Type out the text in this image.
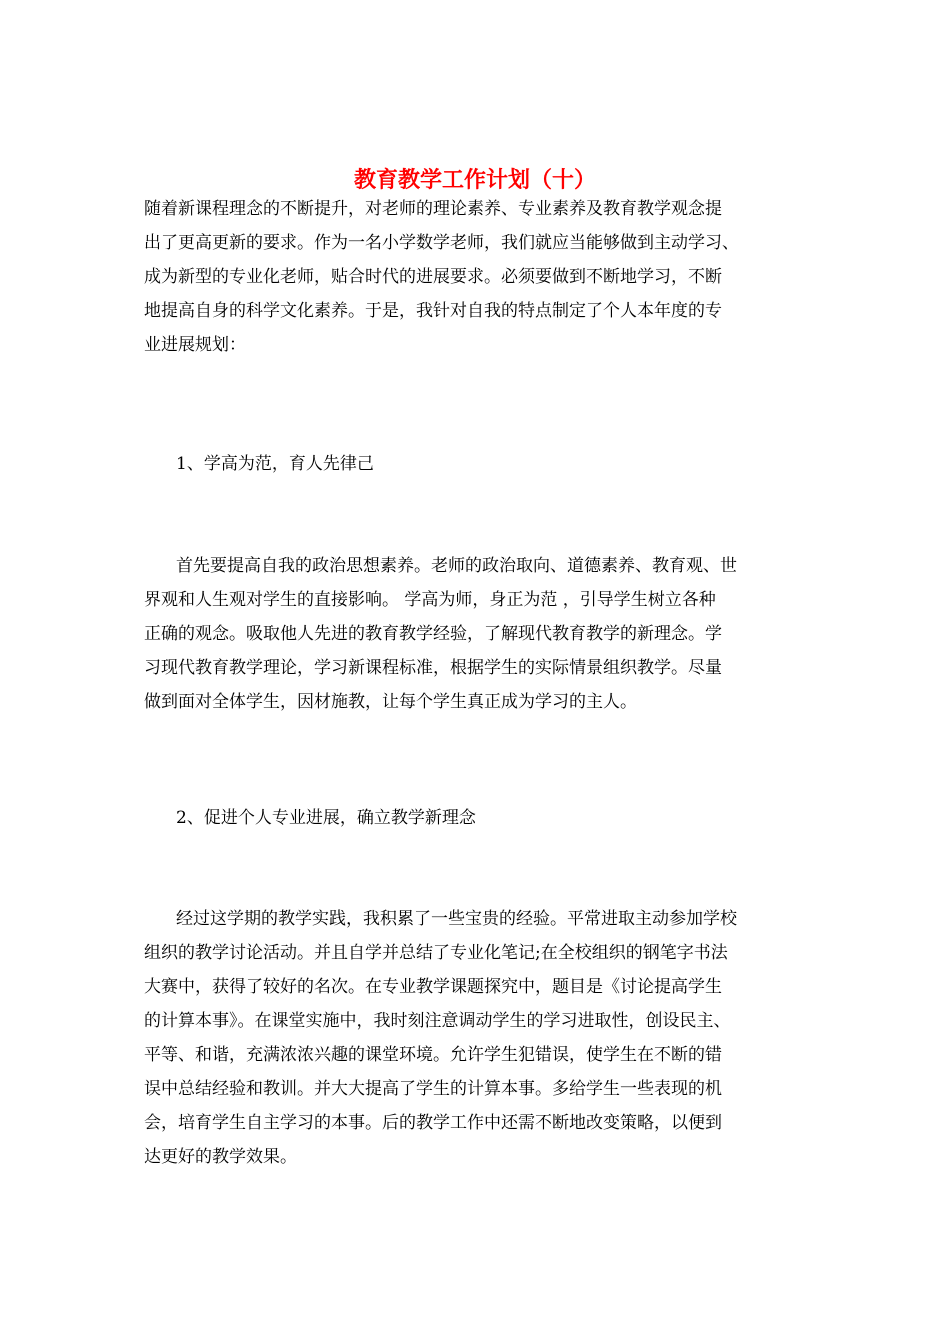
教育教学工作计划（十）

随着新课程理念的不断提升，对老师的理论素养、专业素养及教育教学观念提
出了更高更新的要求。作为一名小学数学老师，我们就应当能够做到主动学习、
成为新型的专业化老师，贴合时代的进展要求。必须要做到不断地学习，不断
地提高自身的科学文化素养。于是，我针对自我的特点制定了个人本年度的专
业进展规划：

1、学高为范，育人先律己

首先要提高自我的政治思想素养。老师的政治取向、道德素养、教育观、世
界观和人生观对学生的直接影响。 学高为师，身正为范 ，引导学生树立各种
正确的观念。吸取他人先进的教育教学经验，了解现代教育教学的新理念。学
习现代教育教学理论，学习新课程标准，根据学生的实际情景组织教学。尽量
做到面对全体学生，因材施教，让每个学生真正成为学习的主人。

2、促进个人专业进展，确立教学新理念

经过这学期的教学实践，我积累了一些宝贵的经验。平常进取主动参加学校
组织的教学讨论活动。并且自学并总结了专业化笔记;在全校组织的钢笔字书法
大赛中，获得了较好的名次。在专业教学课题探究中，题目是《讨论提高学生
的计算本事》。在课堂实施中，我时刻注意调动学生的学习进取性，创设民主、
平等、和谐，充满浓浓兴趣的课堂环境。允许学生犯错误，使学生在不断的错
误中总结经验和教训。并大大提高了学生的计算本事。多给学生一些表现的机
会，培育学生自主学习的本事。后的教学工作中还需不断地改变策略，以便到
达更好的教学效果。
